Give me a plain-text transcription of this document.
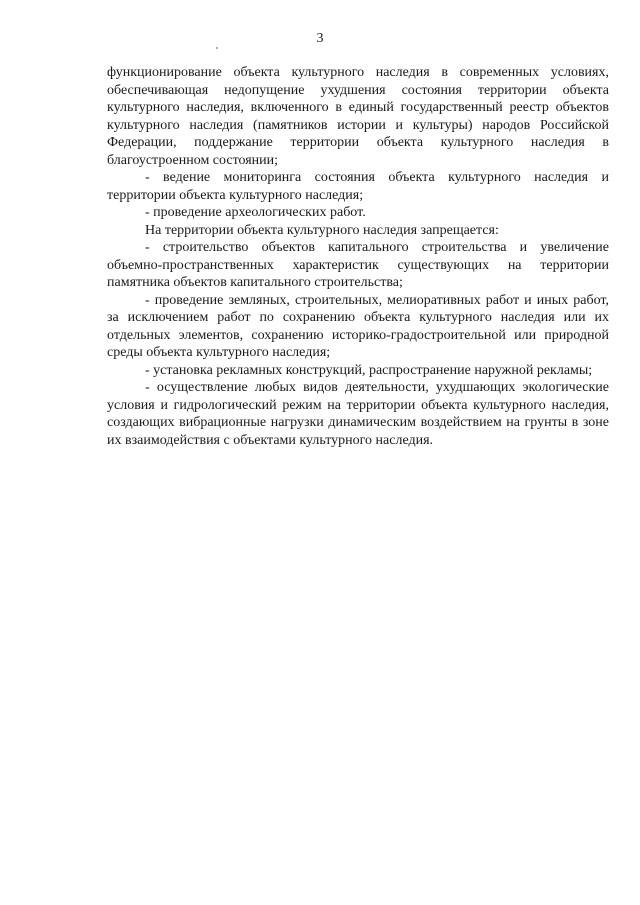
3

функционирование объекта культурного наследия в современных условиях, обеспечивающая недопущение ухудшения состояния территории объекта культурного наследия, включенного в единый государственный реестр объектов культурного наследия (памятников истории и культуры) народов Российской Федерации, поддержание территории объекта культурного наследия в благоустроенном состоянии;

- ведение мониторинга состояния объекта культурного наследия и территории объекта культурного наследия;

- проведение археологических работ.

На территории объекта культурного наследия запрещается:

- строительство объектов капитального строительства и увеличение объемно-пространственных характеристик существующих на территории памятника объектов капитального строительства;

- проведение земляных, строительных, мелиоративных работ и иных работ, за исключением работ по сохранению объекта культурного наследия или их отдельных элементов, сохранению историко-градостроительной или природной среды объекта культурного наследия;

- установка рекламных конструкций, распространение наружной рекламы;

- осуществление любых видов деятельности, ухудшающих экологические условия и гидрологический режим на территории объекта культурного наследия, создающих вибрационные нагрузки динамическим воздействием на грунты в зоне их взаимодействия с объектами культурного наследия.
